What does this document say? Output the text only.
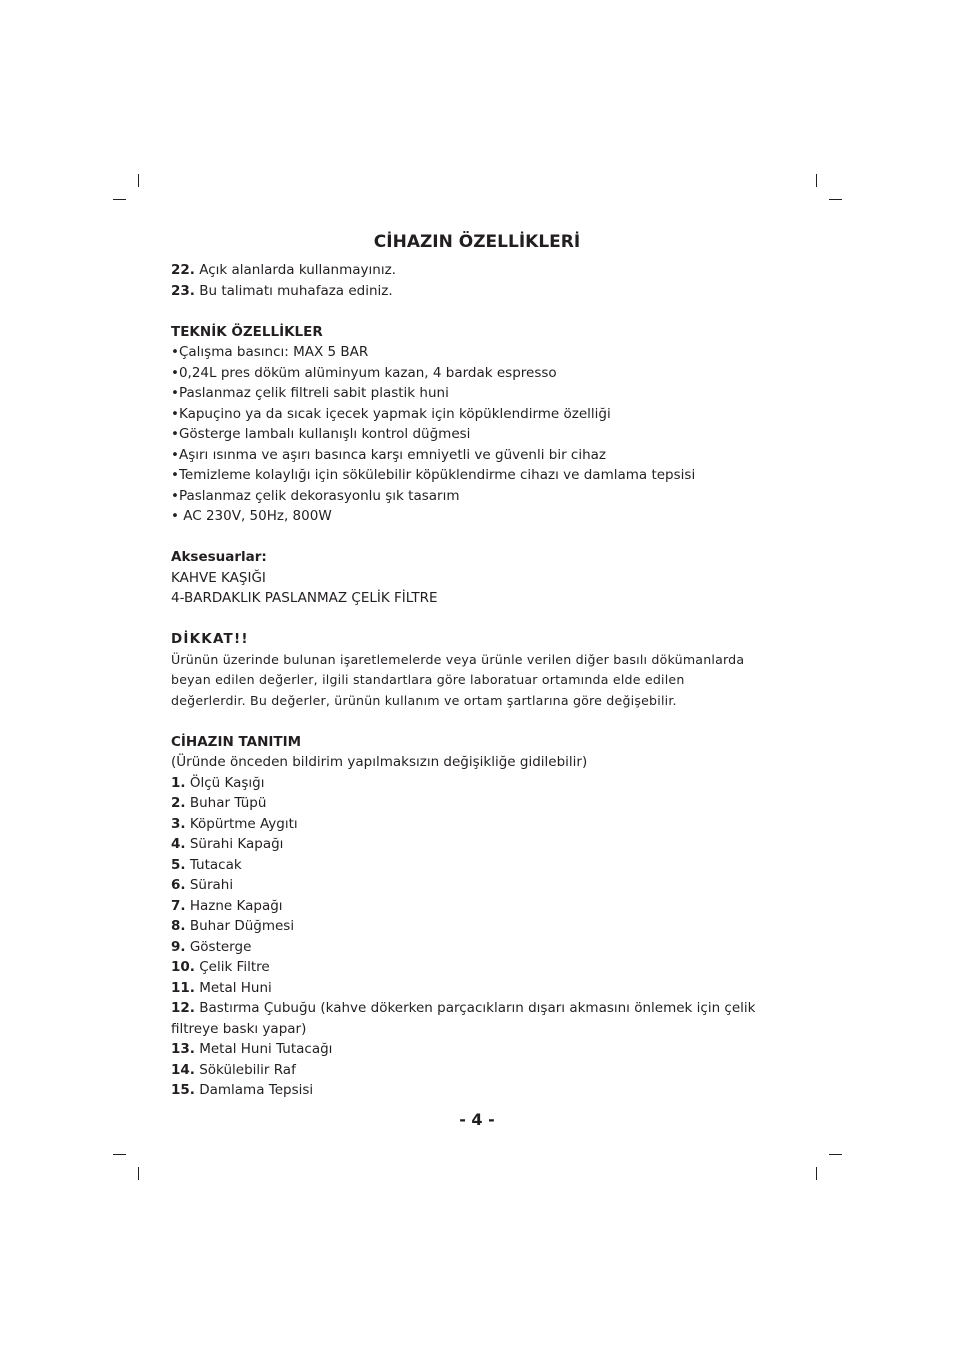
CİHAZIN ÖZELLİKLERİ
22. Açık alanlarda kullanmayınız.
23. Bu talimatı muhafaza ediniz.
TEKNİK ÖZELLİKLER
•Çalışma basıncı: MAX 5 BAR
•0,24L pres döküm alüminyum kazan, 4 bardak espresso
•Paslanmaz çelik filtreli sabit plastik huni
•Kapuçino ya da sıcak içecek yapmak için köpüklendirme özelliği
•Gösterge lambalı kullanışlı kontrol düğmesi
•Aşırı ısınma ve aşırı basınca karşı emniyetli ve güvenli bir cihaz
•Temizleme kolaylığı için sökülebilir köpüklendirme cihazı ve damlama tepsisi
•Paslanmaz çelik dekorasyonlu şık tasarım
• AC 230V, 50Hz, 800W
Aksesuarlar:
KAHVE KAŞIĞI
4-BARDAKLIK PASLANMAZ ÇELİK FİLTRE
DİKKAT!!
Ürünün üzerinde bulunan işaretlemelerde veya ürünle verilen diğer basılı dökümanlarda
beyan edilen değerler, ilgili standartlara göre laboratuar ortamında elde edilen
değerlerdir. Bu değerler, ürünün kullanım ve ortam şartlarına göre değişebilir.
CİHAZIN TANITIM
(Üründe önceden bildirim yapılmaksızın değişikliğe gidilebilir)
1. Ölçü Kaşığı
2. Buhar Tüpü
3. Köpürtme Aygıtı
4. Sürahi Kapağı
5. Tutacak
6. Sürahi
7. Hazne Kapağı
8. Buhar Düğmesi
9. Gösterge
10. Çelik Filtre
11. Metal Huni
12. Bastırma Çubuğu (kahve dökerken parçacıkların dışarı akmasını önlemek için çelik filtreye baskı yapar)
13. Metal Huni Tutacağı
14. Sökülebilir Raf
15. Damlama Tepsisi
- 4 -
